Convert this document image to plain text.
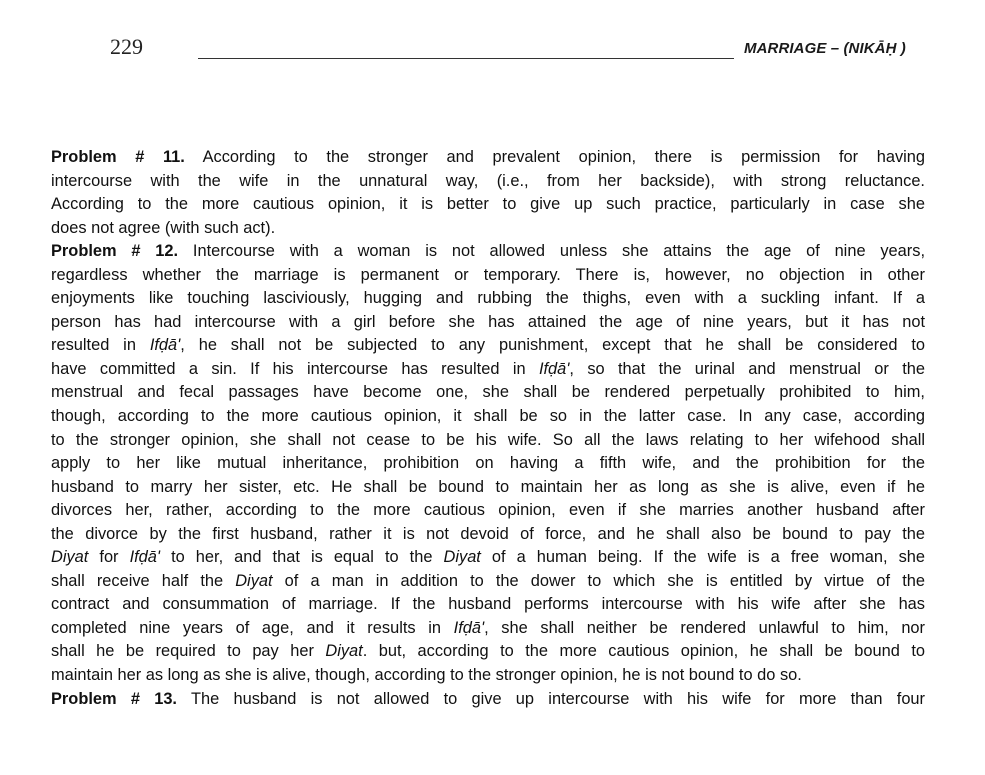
229	MARRIAGE – (NIKĀḤ )
Problem # 11. According to the stronger and prevalent opinion, there is permission for having
intercourse with the wife in the unnatural way, (i.e., from her backside), with strong reluctance.
According to the more cautious opinion, it is better to give up such practice, particularly in case she
does not agree (with such act).
Problem # 12. Intercourse with a woman is not allowed unless she attains the age of nine years,
regardless whether the marriage is permanent or temporary. There is, however, no objection in other
enjoyments like touching lasciviously, hugging and rubbing the thighs, even with a suckling infant. If a
person has had intercourse with a girl before she has attained the age of nine years, but it has not
resulted in Ifḍā', he shall not be subjected to any punishment, except that he shall be considered to
have committed a sin. If his intercourse has resulted in Ifḍā', so that the urinal and menstrual or the
menstrual and fecal passages have become one, she shall be rendered perpetually prohibited to him,
though, according to the more cautious opinion, it shall be so in the latter case. In any case, according
to the stronger opinion, she shall not cease to be his wife. So all the laws relating to her wifehood shall
apply to her like mutual inheritance, prohibition on having a fifth wife, and the prohibition for the
husband to marry her sister, etc. He shall be bound to maintain her as long as she is alive, even if he
divorces her, rather, according to the more cautious opinion, even if she marries another husband after
the divorce by the first husband, rather it is not devoid of force, and he shall also be bound to pay the
Diyat for Ifḍā' to her, and that is equal to the Diyat of a human being. If the wife is a free woman, she
shall receive half the Diyat of a man in addition to the dower to which she is entitled by virtue of the
contract and consummation of marriage. If the husband performs intercourse with his wife after she has
completed nine years of age, and it results in Ifḍā', she shall neither be rendered unlawful to him, nor
shall he be required to pay her Diyat. but, according to the more cautious opinion, he shall be bound to
maintain her as long as she is alive, though, according to the stronger opinion, he is not bound to do so.
Problem # 13. The husband is not allowed to give up intercourse with his wife for more than four
